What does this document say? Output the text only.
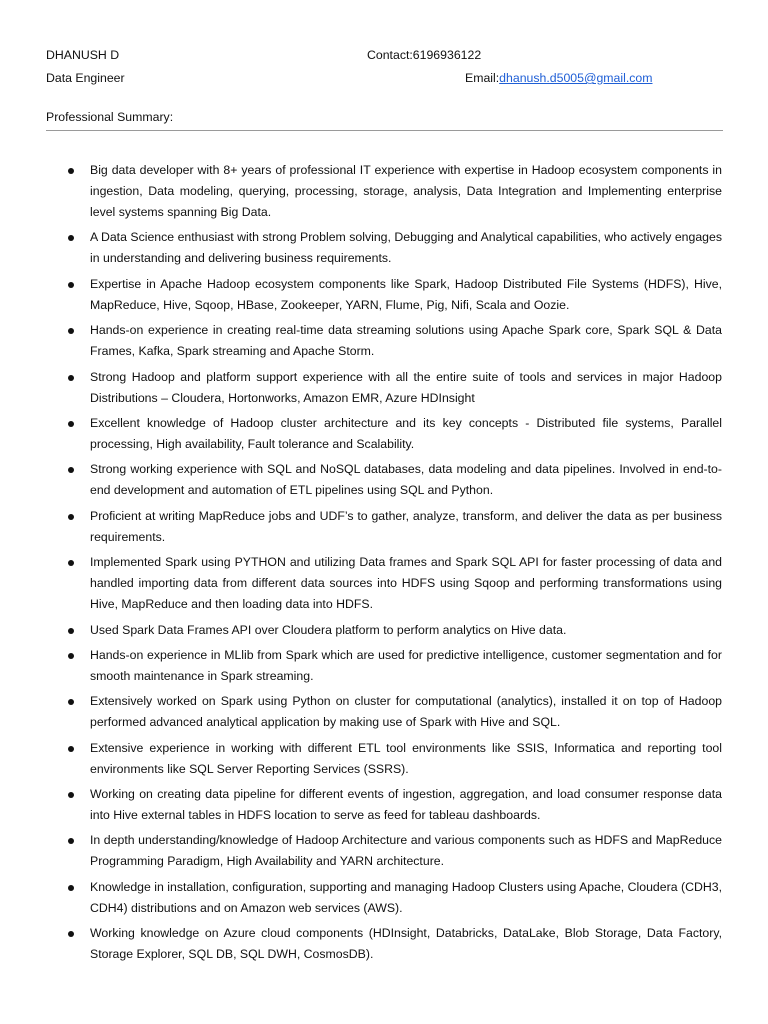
DHANUSH D
Data Engineer
Contact:6196936122
Email:dhanush.d5005@gmail.com
Professional Summary:
Big data developer with 8+ years of professional IT experience with expertise in Hadoop ecosystem components in ingestion, Data modeling, querying, processing, storage, analysis, Data Integration and Implementing enterprise level systems spanning Big Data.
A Data Science enthusiast with strong Problem solving, Debugging and Analytical capabilities, who actively engages in understanding and delivering business requirements.
Expertise in Apache Hadoop ecosystem components like Spark, Hadoop Distributed File Systems (HDFS), Hive, MapReduce, Hive, Sqoop, HBase, Zookeeper, YARN, Flume, Pig, Nifi, Scala and Oozie.
Hands-on experience in creating real-time data streaming solutions using Apache Spark core, Spark SQL & Data Frames, Kafka, Spark streaming and Apache Storm.
Strong Hadoop and platform support experience with all the entire suite of tools and services in major Hadoop Distributions – Cloudera, Hortonworks, Amazon EMR, Azure HDInsight
Excellent knowledge of Hadoop cluster architecture and its key concepts - Distributed file systems, Parallel processing, High availability, Fault tolerance and Scalability.
Strong working experience with SQL and NoSQL databases, data modeling and data pipelines. Involved in end-to-end development and automation of ETL pipelines using SQL and Python.
Proficient at writing MapReduce jobs and UDF’s to gather, analyze, transform, and deliver the data as per business requirements.
Implemented Spark using PYTHON and utilizing Data frames and Spark SQL API for faster processing of data and handled importing data from different data sources into HDFS using Sqoop and performing transformations using Hive, MapReduce and then loading data into HDFS.
Used Spark Data Frames API over Cloudera platform to perform analytics on Hive data.
Hands-on experience in MLlib from Spark which are used for predictive intelligence, customer segmentation and for smooth maintenance in Spark streaming.
Extensively worked on Spark using Python on cluster for computational (analytics), installed it on top of Hadoop performed advanced analytical application by making use of Spark with Hive and SQL.
Extensive experience in working with different ETL tool environments like SSIS, Informatica and reporting tool environments like SQL Server Reporting Services (SSRS).
Working on creating data pipeline for different events of ingestion, aggregation, and load consumer response data into Hive external tables in HDFS location to serve as feed for tableau dashboards.
In depth understanding/knowledge of Hadoop Architecture and various components such as HDFS and MapReduce Programming Paradigm, High Availability and YARN architecture.
Knowledge in installation, configuration, supporting and managing Hadoop Clusters using Apache, Cloudera (CDH3, CDH4) distributions and on Amazon web services (AWS).
Working knowledge on Azure cloud components (HDInsight, Databricks, DataLake, Blob Storage, Data Factory, Storage Explorer, SQL DB, SQL DWH, CosmosDB).
